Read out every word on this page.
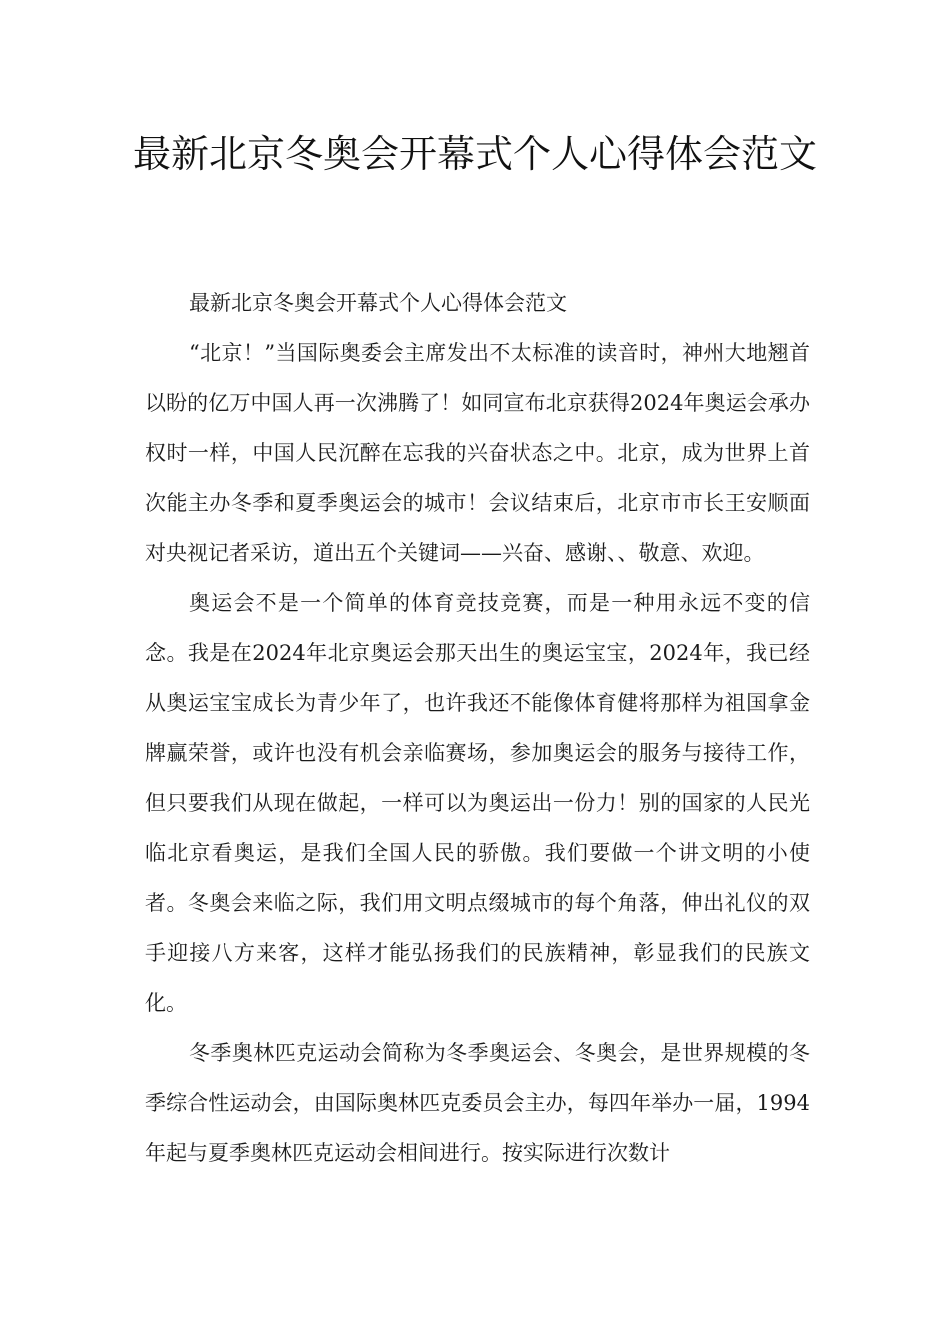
最新北京冬奥会开幕式个人心得体会范文

最新北京冬奥会开幕式个人心得体会范文

“北京！”当国际奥委会主席发出不太标准的读音时，神州大地翘首以盼的亿万中国人再一次沸腾了！如同宣布北京获得2024年奥运会承办权时一样，中国人民沉醉在忘我的兴奋状态之中。北京，成为世界上首次能主办冬季和夏季奥运会的城市！会议结束后，北京市市长王安顺面对央视记者采访，道出五个关键词——兴奋、感谢、、敬意、欢迎。

奥运会不是一个简单的体育竞技竞赛，而是一种用永远不变的信念。我是在2024年北京奥运会那天出生的奥运宝宝，2024年，我已经从奥运宝宝成长为青少年了，也许我还不能像体育健将那样为祖国拿金牌赢荣誉，或许也没有机会亲临赛场，参加奥运会的服务与接待工作，但只要我们从现在做起，一样可以为奥运出一份力！别的国家的人民光临北京看奥运，是我们全国人民的骄傲。我们要做一个讲文明的小使者。冬奥会来临之际，我们用文明点缀城市的每个角落，伸出礼仪的双手迎接八方来客，这样才能弘扬我们的民族精神，彰显我们的民族文化。

冬季奥林匹克运动会简称为冬季奥运会、冬奥会，是世界规模的冬季综合性运动会，由国际奥林匹克委员会主办，每四年举办一届，1994年起与夏季奥林匹克运动会相间进行。按实际进行次数计
